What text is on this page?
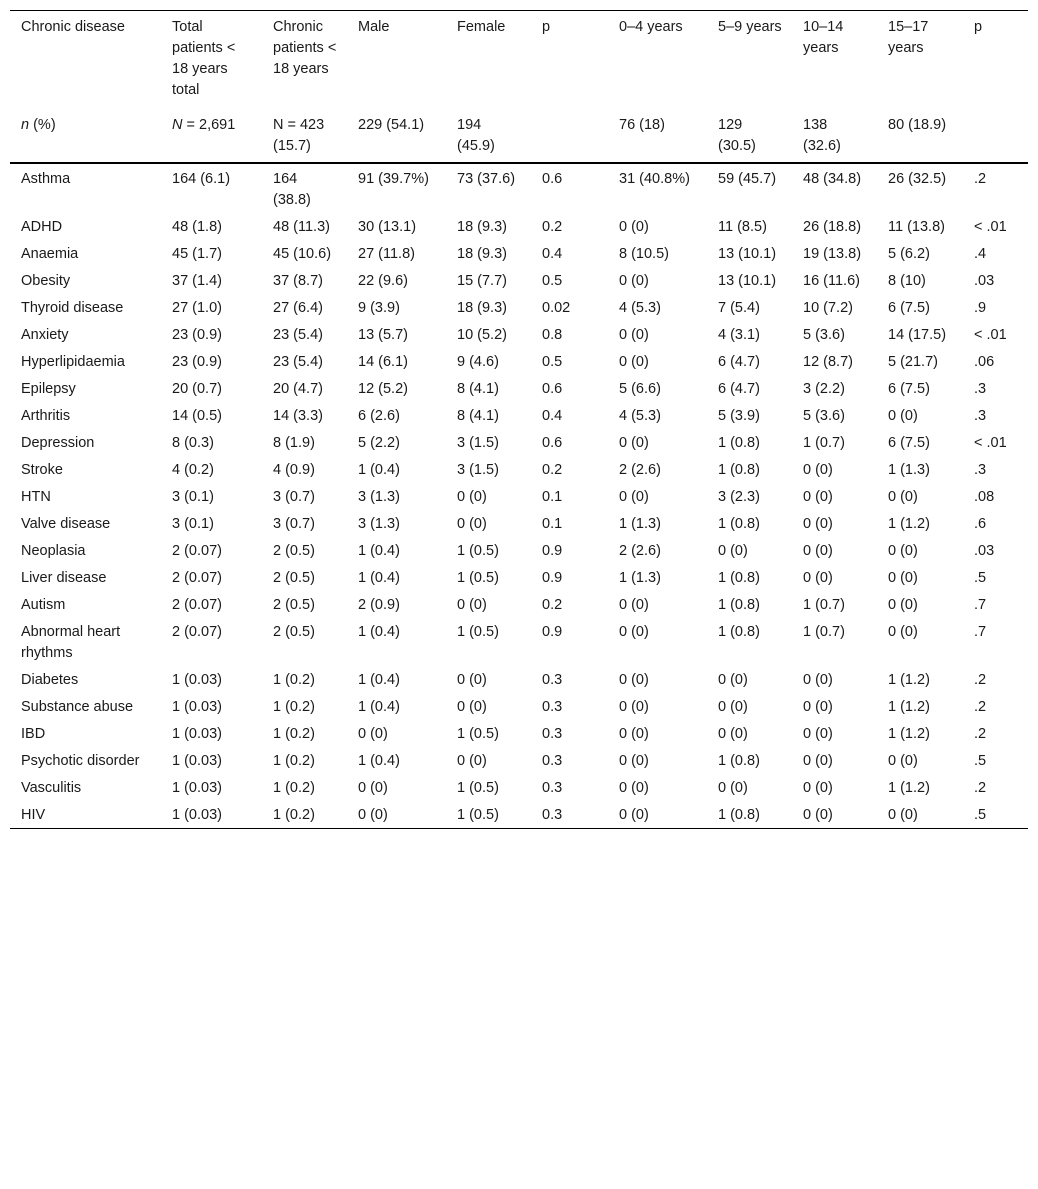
Chronic disease	Total patients < 18 years total	Chronic patients < 18 years	Male	Female	p	0–4 years	5–9 years	10–14 years	15–17 years	p
n (%)	N = 2,691	N = 423 (15.7)	229 (54.1)	194 (45.9)		76 (18)	129 (30.5)	138 (32.6)	80 (18.9)	
Asthma	164 (6.1)	164 (38.8)	91 (39.7%)	73 (37.6)	0.6	31 (40.8%)	59 (45.7)	48 (34.8)	26 (32.5)	.2
ADHD	48 (1.8)	48 (11.3)	30 (13.1)	18 (9.3)	0.2	0 (0)	11 (8.5)	26 (18.8)	11 (13.8)	< .01
Anaemia	45 (1.7)	45 (10.6)	27 (11.8)	18 (9.3)	0.4	8 (10.5)	13 (10.1)	19 (13.8)	5 (6.2)	.4
Obesity	37 (1.4)	37 (8.7)	22 (9.6)	15 (7.7)	0.5	0 (0)	13 (10.1)	16 (11.6)	8 (10)	.03
Thyroid disease	27 (1.0)	27 (6.4)	9 (3.9)	18 (9.3)	0.02	4 (5.3)	7 (5.4)	10 (7.2)	6 (7.5)	.9
Anxiety	23 (0.9)	23 (5.4)	13 (5.7)	10 (5.2)	0.8	0 (0)	4 (3.1)	5 (3.6)	14 (17.5)	< .01
Hyperlipidaemia	23 (0.9)	23 (5.4)	14 (6.1)	9 (4.6)	0.5	0 (0)	6 (4.7)	12 (8.7)	5 (21.7)	.06
Epilepsy	20 (0.7)	20 (4.7)	12 (5.2)	8 (4.1)	0.6	5 (6.6)	6 (4.7)	3 (2.2)	6 (7.5)	.3
Arthritis	14 (0.5)	14 (3.3)	6 (2.6)	8 (4.1)	0.4	4 (5.3)	5 (3.9)	5 (3.6)	0 (0)	.3
Depression	8 (0.3)	8 (1.9)	5 (2.2)	3 (1.5)	0.6	0 (0)	1 (0.8)	1 (0.7)	6 (7.5)	< .01
Stroke	4 (0.2)	4 (0.9)	1 (0.4)	3 (1.5)	0.2	2 (2.6)	1 (0.8)	0 (0)	1 (1.3)	.3
HTN	3 (0.1)	3 (0.7)	3 (1.3)	0 (0)	0.1	0 (0)	3 (2.3)	0 (0)	0 (0)	.08
Valve disease	3 (0.1)	3 (0.7)	3 (1.3)	0 (0)	0.1	1 (1.3)	1 (0.8)	0 (0)	1 (1.2)	.6
Neoplasia	2 (0.07)	2 (0.5)	1 (0.4)	1 (0.5)	0.9	2 (2.6)	0 (0)	0 (0)	0 (0)	.03
Liver disease	2 (0.07)	2 (0.5)	1 (0.4)	1 (0.5)	0.9	1 (1.3)	1 (0.8)	0 (0)	0 (0)	.5
Autism	2 (0.07)	2 (0.5)	2 (0.9)	0 (0)	0.2	0 (0)	1 (0.8)	1 (0.7)	0 (0)	.7
Abnormal heart rhythms	2 (0.07)	2 (0.5)	1 (0.4)	1 (0.5)	0.9	0 (0)	1 (0.8)	1 (0.7)	0 (0)	.7
Diabetes	1 (0.03)	1 (0.2)	1 (0.4)	0 (0)	0.3	0 (0)	0 (0)	0 (0)	1 (1.2)	.2
Substance abuse	1 (0.03)	1 (0.2)	1 (0.4)	0 (0)	0.3	0 (0)	0 (0)	0 (0)	1 (1.2)	.2
IBD	1 (0.03)	1 (0.2)	0 (0)	1 (0.5)	0.3	0 (0)	0 (0)	0 (0)	1 (1.2)	.2
Psychotic disorder	1 (0.03)	1 (0.2)	1 (0.4)	0 (0)	0.3	0 (0)	1 (0.8)	0 (0)	0 (0)	.5
Vasculitis	1 (0.03)	1 (0.2)	0 (0)	1 (0.5)	0.3	0 (0)	0 (0)	0 (0)	1 (1.2)	.2
HIV	1 (0.03)	1 (0.2)	0 (0)	1 (0.5)	0.3	0 (0)	1 (0.8)	0 (0)	0 (0)	.5
